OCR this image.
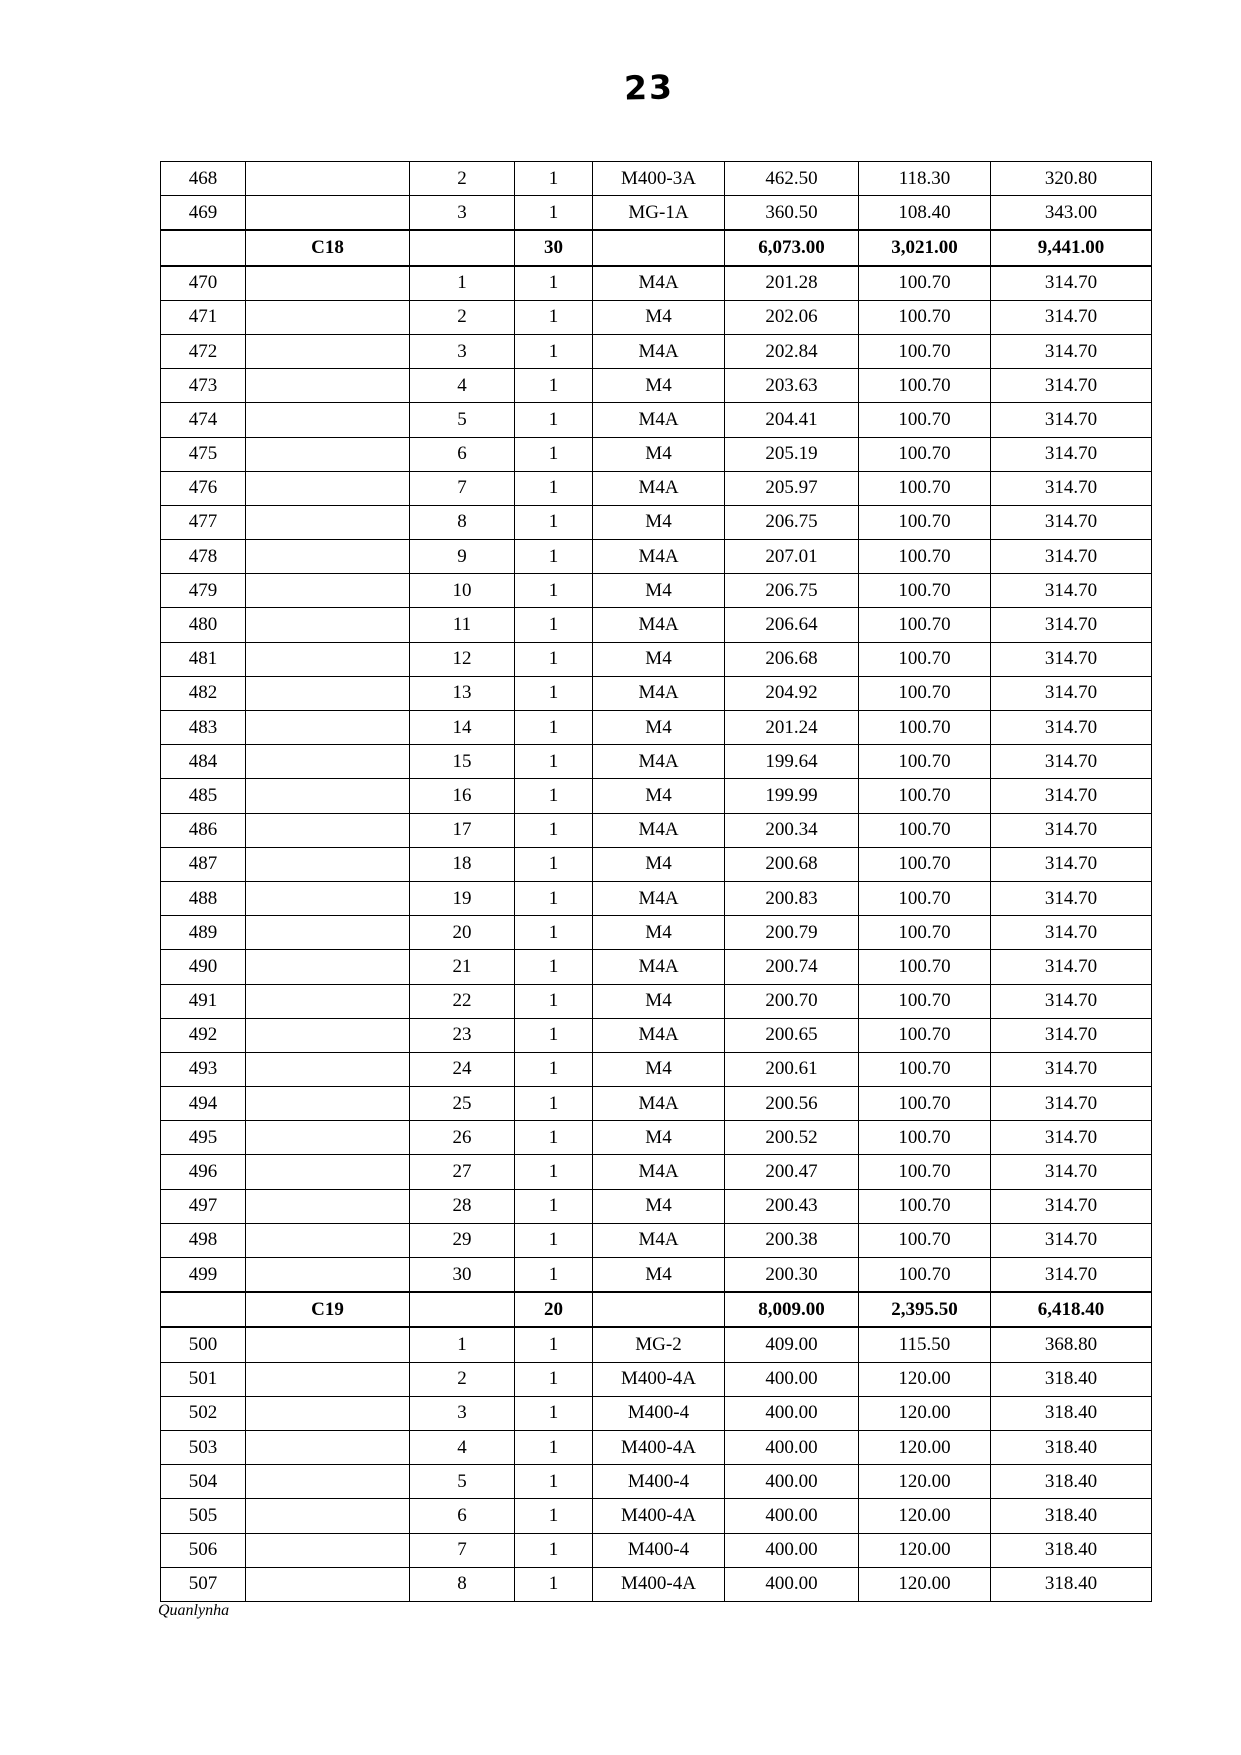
23
468		2	1	M400-3A	462.50	118.30	320.80
469		3	1	MG-1A	360.50	108.40	343.00
	C18		30		6,073.00	3,021.00	9,441.00
470		1	1	M4A	201.28	100.70	314.70
471		2	1	M4	202.06	100.70	314.70
472		3	1	M4A	202.84	100.70	314.70
473		4	1	M4	203.63	100.70	314.70
474		5	1	M4A	204.41	100.70	314.70
475		6	1	M4	205.19	100.70	314.70
476		7	1	M4A	205.97	100.70	314.70
477		8	1	M4	206.75	100.70	314.70
478		9	1	M4A	207.01	100.70	314.70
479		10	1	M4	206.75	100.70	314.70
480		11	1	M4A	206.64	100.70	314.70
481		12	1	M4	206.68	100.70	314.70
482		13	1	M4A	204.92	100.70	314.70
483		14	1	M4	201.24	100.70	314.70
484		15	1	M4A	199.64	100.70	314.70
485		16	1	M4	199.99	100.70	314.70
486		17	1	M4A	200.34	100.70	314.70
487		18	1	M4	200.68	100.70	314.70
488		19	1	M4A	200.83	100.70	314.70
489		20	1	M4	200.79	100.70	314.70
490		21	1	M4A	200.74	100.70	314.70
491		22	1	M4	200.70	100.70	314.70
492		23	1	M4A	200.65	100.70	314.70
493		24	1	M4	200.61	100.70	314.70
494		25	1	M4A	200.56	100.70	314.70
495		26	1	M4	200.52	100.70	314.70
496		27	1	M4A	200.47	100.70	314.70
497		28	1	M4	200.43	100.70	314.70
498		29	1	M4A	200.38	100.70	314.70
499		30	1	M4	200.30	100.70	314.70
	C19		20		8,009.00	2,395.50	6,418.40
500		1	1	MG-2	409.00	115.50	368.80
501		2	1	M400-4A	400.00	120.00	318.40
502		3	1	M400-4	400.00	120.00	318.40
503		4	1	M400-4A	400.00	120.00	318.40
504		5	1	M400-4	400.00	120.00	318.40
505		6	1	M400-4A	400.00	120.00	318.40
506		7	1	M400-4	400.00	120.00	318.40
507		8	1	M400-4A	400.00	120.00	318.40
Quanlynha
